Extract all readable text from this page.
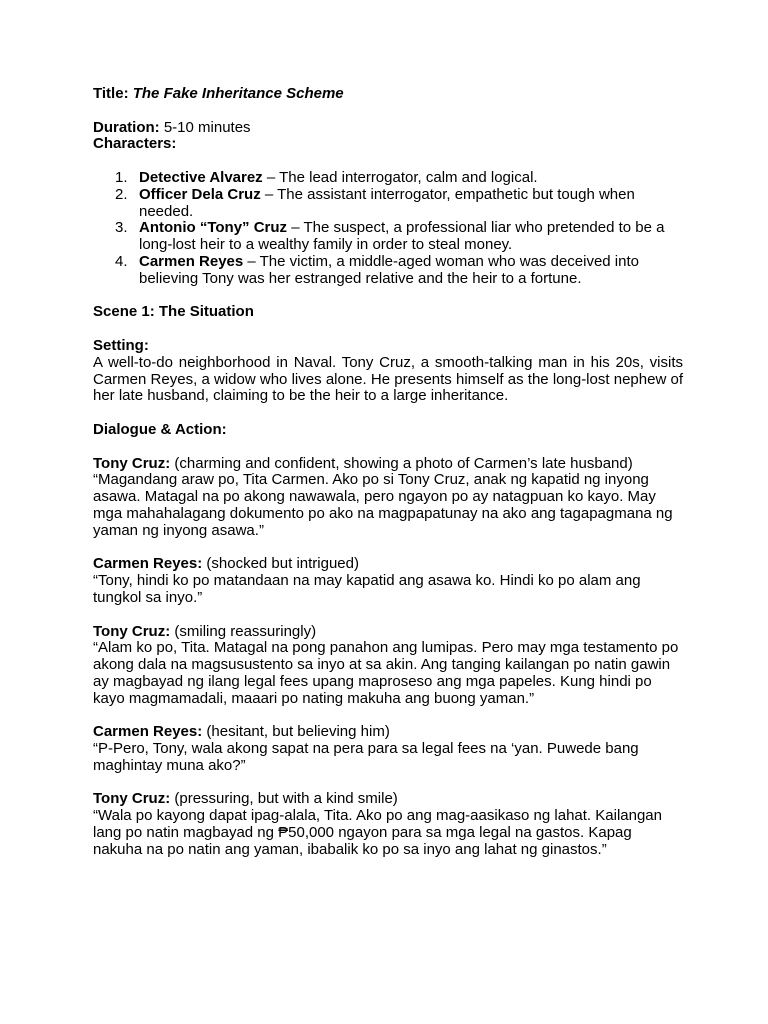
Title: The Fake Inheritance Scheme

Duration: 5-10 minutes

Characters:

1. Detective Alvarez – The lead interrogator, calm and logical.
2. Officer Dela Cruz – The assistant interrogator, empathetic but tough when needed.
3. Antonio “Tony” Cruz – The suspect, a professional liar who pretended to be a long-lost heir to a wealthy family in order to steal money.
4. Carmen Reyes – The victim, a middle-aged woman who was deceived into believing Tony was her estranged relative and the heir to a fortune.

Scene 1: The Situation

Setting:

A well-to-do neighborhood in Naval. Tony Cruz, a smooth-talking man in his 20s, visits Carmen Reyes, a widow who lives alone. He presents himself as the long-lost nephew of her late husband, claiming to be the heir to a large inheritance.

Dialogue & Action:

Tony Cruz: (charming and confident, showing a photo of Carmen’s late husband)

“Magandang araw po, Tita Carmen. Ako po si Tony Cruz, anak ng kapatid ng inyong asawa. Matagal na po akong nawawala, pero ngayon po ay natagpuan ko kayo. May mga mahahalagang dokumento po ako na magpapatunay na ako ang tagapagmana ng yaman ng inyong asawa.”

Carmen Reyes: (shocked but intrigued)

“Tony, hindi ko po matandaan na may kapatid ang asawa ko. Hindi ko po alam ang tungkol sa inyo.”

Tony Cruz: (smiling reassuringly)

“Alam ko po, Tita. Matagal na pong panahon ang lumipas. Pero may mga testamento po akong dala na magsusustento sa inyo at sa akin. Ang tanging kailangan po natin gawin ay magbayad ng ilang legal fees upang maproseso ang mga papeles. Kung hindi po kayo magmamadali, maaari po nating makuha ang buong yaman.”

Carmen Reyes: (hesitant, but believing him)

“P-Pero, Tony, wala akong sapat na pera para sa legal fees na ‘yan. Puwede bang maghintay muna ako?”

Tony Cruz: (pressuring, but with a kind smile)

“Wala po kayong dapat ipag-alala, Tita. Ako po ang mag-aasikaso ng lahat. Kailangan lang po natin magbayad ng ₱50,000 ngayon para sa mga legal na gastos. Kapag nakuha na po natin ang yaman, ibabalik ko po sa inyo ang lahat ng ginastos.”
